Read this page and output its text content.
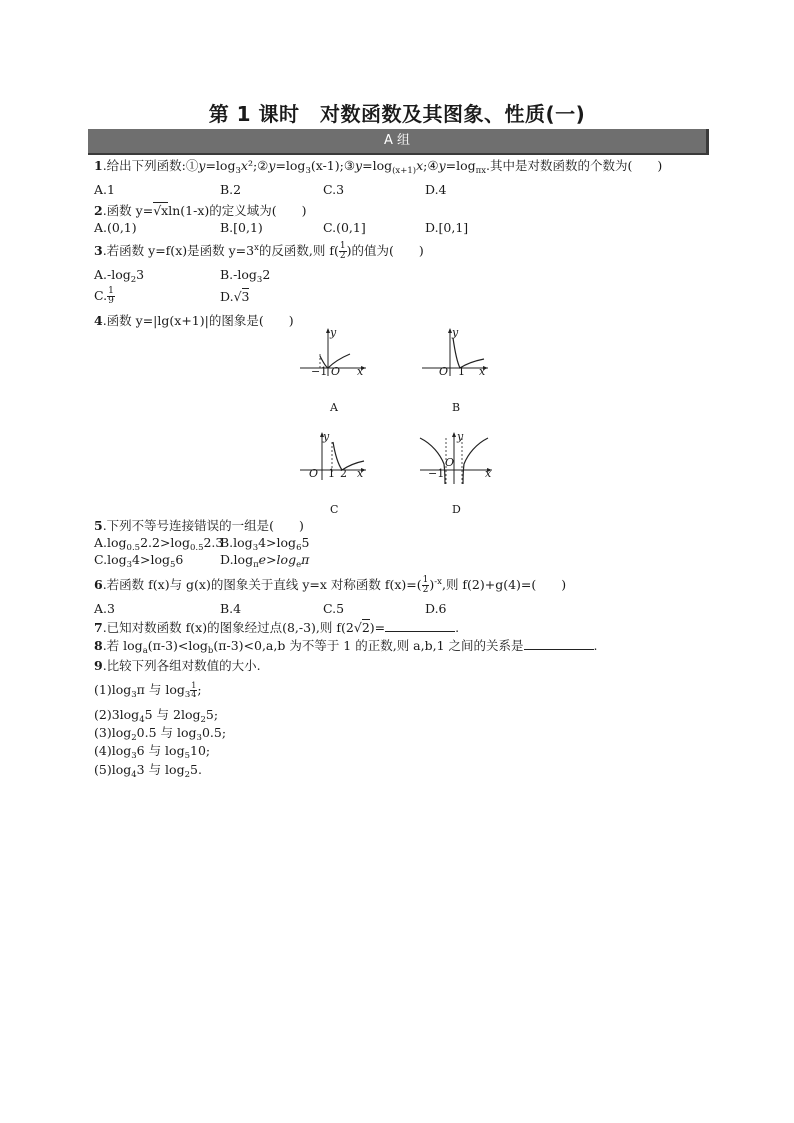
第 1 课时　对数函数及其图象、性质(一)
A 组
1.给出下列函数$:①y=\log_3x^2;②y=\log_3(x-1);③y=\log_{(x+1)}x;④y=\log_{\pi x}$.其中是对数函数的个数为(　　)
A.1	B.2	C.3	D.4
2.函数 y=√xln(1-x)的定义域为(　　)
A.(0,1)	B.[0,1)	C.(0,1]	D.[0,1]
3.若函数 y=f(x)是函数 $y=3^x$的反函数,则 $f( \frac{1}{2}$ )的值为(　　)
$A.-\log_23$	$B.-\log_32$
C. $\frac{1}{9}$	D.√3
4.函数 y=|lg(x+1)|的图象是(　　)
y
−1 O x
A
y
O 1 x
B
y
O 1 2 x
C
y
−1
O
x
D
5.下列不等号连接错误的一组是(　　)
$A.\log_{0.5}2.2>\log_{0.5}2.3$
$B.\log_34>\log_65$
$C.\log_34>\log_56$	$D.\log_\pi e>\log_e\pi$
6.若函数 f(x)与 g(x)的图象关于直线 y=x 对称函数 $f(x)=( \frac{1}{2} )^{-x}$,则 f(2)+g(4)=(　　)
A.3	B.4	C.5	D.6
7.已知对数函数 f(x)的图象经过点(8,-3),则 f(2√2)=	.
8.若 $\log_a(\pi-3)<\log_b(\pi-3)<0,a,b$ 为不等于 1 的正数,则 a,b,1 之间的关系是	.
9.比较下列各组对数值的大小.
$(1)\log_3\pi$ 与 $\log_3 \frac{1}{4}$ ;
$(2)3\log_45$ 与 $2\log_25$;
$(3)\log_20.5$ 与 $\log_30.5$;
$(4)\log_36$ 与 $\log_510$;
$(5)\log_43$ 与 $\log_25$.
